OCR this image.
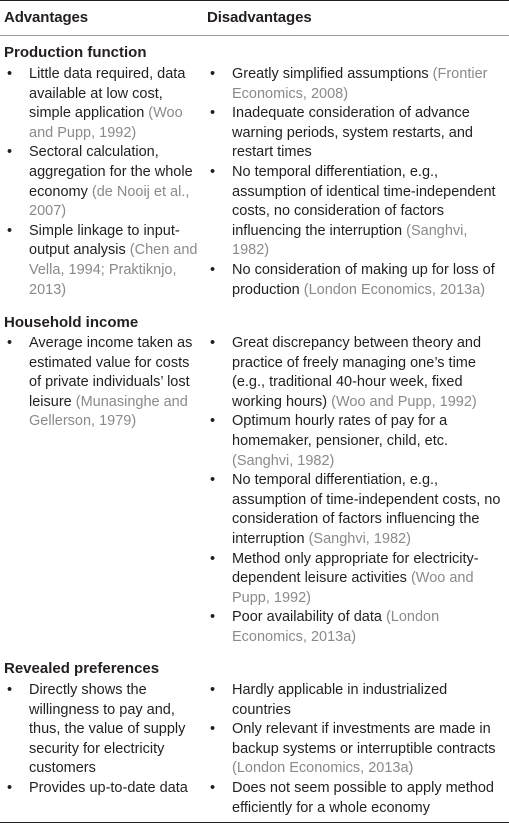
Advantages	Disadvantages
Production function
• Little data required, data available at low cost, simple application (Woo and Pupp, 1992)
• Sectoral calculation, aggregation for the whole economy (de Nooij et al., 2007)
• Simple linkage to input-output analysis (Chen and Vella, 1994; Praktiknjo, 2013)
• Greatly simplified assumptions (Frontier Economics, 2008)
• Inadequate consideration of advance warning periods, system restarts, and restart times
• No temporal differentiation, e.g., assumption of identical time-independent costs, no consideration of factors influencing the interruption (Sanghvi, 1982)
• No consideration of making up for loss of production (London Economics, 2013a)
Household income
• Average income taken as estimated value for costs of private individuals’ lost leisure (Munasinghe and Gellerson, 1979)
• Great discrepancy between theory and practice of freely managing one’s time (e.g., traditional 40-hour week, fixed working hours) (Woo and Pupp, 1992)
• Optimum hourly rates of pay for a homemaker, pensioner, child, etc. (Sanghvi, 1982)
• No temporal differentiation, e.g., assumption of time-independent costs, no consideration of factors influencing the interruption (Sanghvi, 1982)
• Method only appropriate for electricity-dependent leisure activities (Woo and Pupp, 1992)
• Poor availability of data (London Economics, 2013a)
Revealed preferences
• Directly shows the willingness to pay and, thus, the value of supply security for electricity customers
• Provides up-to-date data
• Hardly applicable in industrialized countries
• Only relevant if investments are made in backup systems or interruptible contracts (London Economics, 2013a)
• Does not seem possible to apply method efficiently for a whole economy
